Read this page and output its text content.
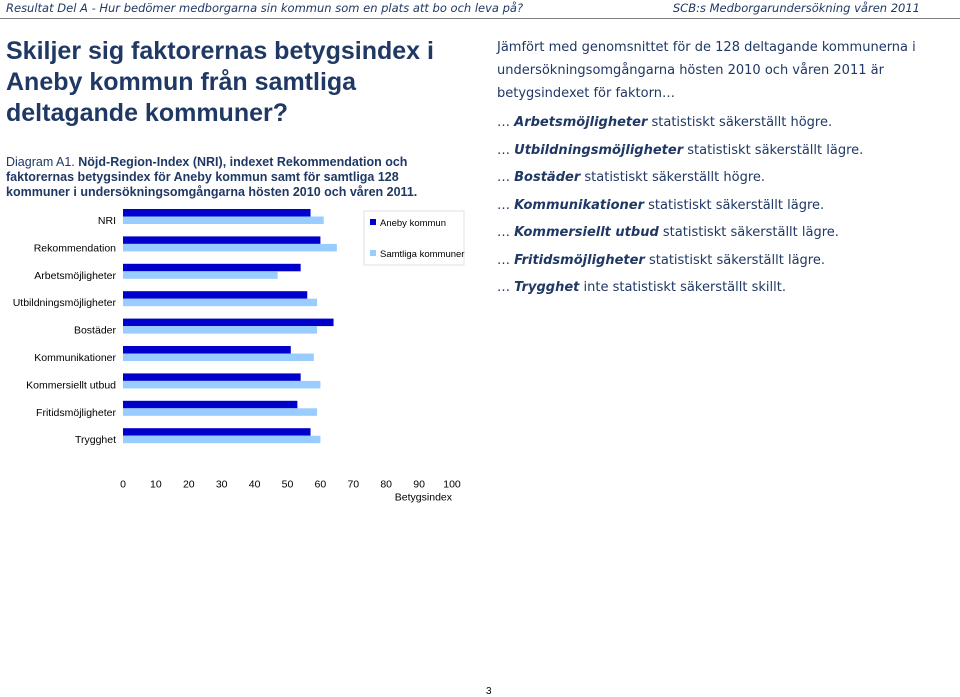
Resultat Del A - Hur bedömer medborgarna sin kommun som en plats att bo och leva på?	SCB:s Medborgarundersökning våren 2011
Skiljer sig faktorernas betygsindex i Aneby kommun från samtliga deltagande kommuner?
Diagram A1. Nöjd-Region-Index (NRI), indexet Rekommendation och faktorernas betygsindex för Aneby kommun samt för samtliga 128 kommuner i undersökningsomgångarna hösten 2010 och våren 2011.
NRI
Rekommendation
Arbetsmöjligheter
Utbildningsmöjligheter
Bostäder
Kommunikationer
Kommersiellt utbud
Fritidsmöjligheter
Trygghet
0 10 20 30 40 50 60 70 80 90 100
Betygsindex
Aneby kommun
Samtliga kommuner

Jämfört med genomsnittet för de 128 deltagande kommunerna i undersökningsomgångarna hösten 2010 och våren 2011 är betygsindexet för faktorn…

… Arbetsmöjligheter statistiskt säkerställt högre.

… Utbildningsmöjligheter statistiskt säkerställt lägre.

… Bostäder statistiskt säkerställt högre.

… Kommunikationer statistiskt säkerställt lägre.

… Kommersiellt utbud statistiskt säkerställt lägre.

… Fritidsmöjligheter statistiskt säkerställt lägre.

… Trygghet inte statistiskt säkerställt skillt.

3
